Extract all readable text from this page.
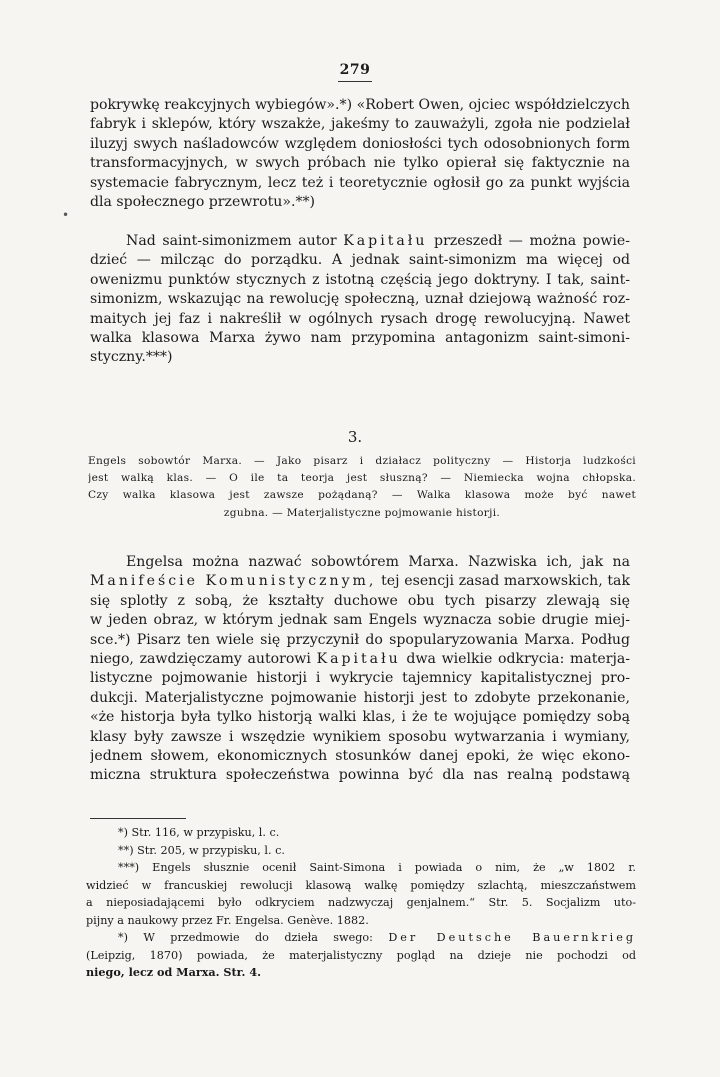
279
•
pokrywkę reakcyjnych wybiegów».*) «Robert Owen, ojciec współdzielczych
fabryk i sklepów, który wszakże, jakeśmy to zauważyli, zgoła nie podzielał
iluzyj swych naśladowców względem doniosłości tych odosobnionych form
transformacyjnych, w swych próbach nie tylko opierał się faktycznie na
systemacie fabrycznym, lecz też i teoretycznie ogłosił go za punkt wyjścia
dla społecznego przewrotu».**)
Nad saint-simonizmem autor Kapitału przeszedł — można powie-
dzieć — milcząc do porządku. A jednak saint-simonizm ma więcej od
owenizmu punktów stycznych z istotną częścią jego doktryny. I tak, saint-
simonizm, wskazując na rewolucję społeczną, uznał dziejową ważność roz-
maitych jej faz i nakreślił w ogólnych rysach drogę rewolucyjną. Nawet
walka klasowa Marxa żywo nam przypomina antagonizm saint-simoni-
styczny.***)
3.
Engels sobowtór Marxa. — Jako pisarz i działacz polityczny — Historja ludzkości
jest walką klas. — O ile ta teorja jest słuszną? — Niemiecka wojna chłopska.
Czy walka klasowa jest zawsze pożądaną? — Walka klasowa może być nawet
zgubna. — Materjalistyczne pojmowanie historji.
Engelsa można nazwać sobowtórem Marxa. Nazwiska ich, jak na
Manifeście Komunistycznym, tej esencji zasad marxowskich, tak
się splotły z sobą, że kształty duchowe obu tych pisarzy zlewają się
w jeden obraz, w którym jednak sam Engels wyznacza sobie drugie miej-
sce.*) Pisarz ten wiele się przyczynił do spopularyzowania Marxa. Podług
niego, zawdzięczamy autorowi Kapitału dwa wielkie odkrycia: materja-
listyczne pojmowanie historji i wykrycie tajemnicy kapitalistycznej pro-
dukcji. Materjalistyczne pojmowanie historji jest to zdobyte przekonanie,
«że historja była tylko historją walki klas, i że te wojujące pomiędzy sobą
klasy były zawsze i wszędzie wynikiem sposobu wytwarzania i wymiany,
jednem słowem, ekonomicznych stosunków danej epoki, że więc ekono-
miczna struktura społeczeństwa powinna być dla nas realną podstawą
*) Str. 116, w przypisku, l. c.
**) Str. 205, w przypisku, l. c.
***) Engels słusznie ocenił Saint-Simona i powiada o nim, że „w 1802 r.
widzieć w francuskiej rewolucji klasową walkę pomiędzy szlachtą, mieszczaństwem
a nieposiadającemi było odkryciem nadzwyczaj genjalnem.“ Str. 5. Socjalizm uto-
pijny a naukowy przez Fr. Engelsa. Genève. 1882.
*) W przedmowie do dzieła swego: Der Deutsche Bauernkrieg
(Leipzig, 1870) powiada, że materjalistyczny pogląd na dzieje nie pochodzi od
niego, lecz od Marxa. Str. 4.
